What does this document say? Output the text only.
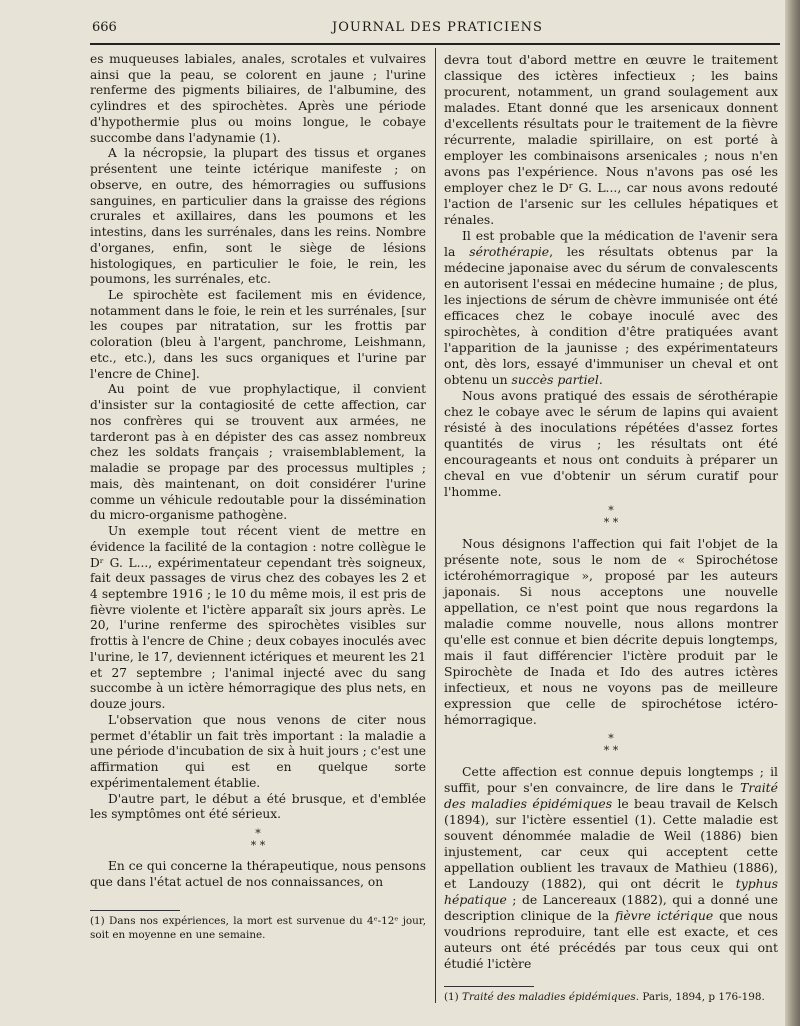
666	JOURNAL DES PRATICIENS

es muqueuses labiales, anales, scrotales et vulvaires ainsi que la peau, se colorent en jaune ; l'urine renferme des pigments biliaires, de l'albumine, des cylindres et des spirochètes. Après une période d'hypothermie plus ou moins longue, le cobaye succombe dans l'adynamie (1).

A la nécropsie, la plupart des tissus et organes présentent une teinte ictérique manifeste ; on observe, en outre, des hémorragies ou suffusions sanguines, en particulier dans la graisse des régions crurales et axillaires, dans les poumons et les intestins, dans les surrénales, dans les reins. Nombre d'organes, enfin, sont le siège de lésions histologiques, en particulier le foie, le rein, les poumons, les surrénales, etc.

Le spirochète est facilement mis en évidence, notamment dans le foie, le rein et les surrénales, [sur les coupes par nitratation, sur les frottis par coloration (bleu à l'argent, panchrome, Leishmann, etc., etc.), dans les sucs organiques et l'urine par l'encre de Chine].

Au point de vue prophylactique, il convient d'insister sur la contagiosité de cette affection, car nos confrères qui se trouvent aux armées, ne tarderont pas à en dépister des cas assez nombreux chez les soldats français ; vraisemblablement, la maladie se propage par des processus multiples ; mais, dès maintenant, on doit considérer l'urine comme un véhicule redoutable pour la dissémination du micro-organisme pathogène.

Un exemple tout récent vient de mettre en évidence la facilité de la contagion : notre collègue le Dʳ G. L..., expérimentateur cependant très soigneux, fait deux passages de virus chez des cobayes les 2 et 4 septembre 1916 ; le 10 du même mois, il est pris de fièvre violente et l'ictère apparaît six jours après. Le 20, l'urine renferme des spirochètes visibles sur frottis à l'encre de Chine ; deux cobayes inoculés avec l'urine, le 17, deviennent ictériques et meurent les 21 et 27 septembre ; l'animal injecté avec du sang succombe à un ictère hémorragique des plus nets, en douze jours.

L'observation que nous venons de citer nous permet d'établir un fait très important : la maladie a une période d'incubation de six à huit jours ; c'est une affirmation qui est en quelque sorte expérimentalement établie.

D'autre part, le début a été brusque, et d'emblée les symptômes ont été sérieux.

*
* *

En ce qui concerne la thérapeutique, nous pensons que dans l'état actuel de nos connaissances, on

devra tout d'abord mettre en œuvre le traitement classique des ictères infectieux ; les bains procurent, notamment, un grand soulagement aux malades. Etant donné que les arsenicaux donnent d'excellents résultats pour le traitement de la fièvre récurrente, maladie spirillaire, on est porté à employer les combinaisons arsenicales ; nous n'en avons pas l'expérience. Nous n'avons pas osé les employer chez le Dʳ G. L..., car nous avons redouté l'action de l'arsenic sur les cellules hépatiques et rénales.

Il est probable que la médication de l'avenir sera la sérothérapie, les résultats obtenus par la médecine japonaise avec du sérum de convalescents en autorisent l'essai en médecine humaine ; de plus, les injections de sérum de chèvre immunisée ont été efficaces chez le cobaye inoculé avec des spirochètes, à condition d'être pratiquées avant l'apparition de la jaunisse ; des expérimentateurs ont, dès lors, essayé d'immuniser un cheval et ont obtenu un succès partiel.

Nous avons pratiqué des essais de sérothérapie chez le cobaye avec le sérum de lapins qui avaient résisté à des inoculations répétées d'assez fortes quantités de virus ; les résultats ont été encourageants et nous ont conduits à préparer un cheval en vue d'obtenir un sérum curatif pour l'homme.

*
* *

Nous désignons l'affection qui fait l'objet de la présente note, sous le nom de « Spirochétose ictérohémorragique », proposé par les auteurs japonais. Si nous acceptons une nouvelle appellation, ce n'est point que nous regardons la maladie comme nouvelle, nous allons montrer qu'elle est connue et bien décrite depuis longtemps, mais il faut différencier l'ictère produit par le Spirochète de Inada et Ido des autres ictères infectieux, et nous ne voyons pas de meilleure expression que celle de spirochétose ictéro-hémorragique.

*
* *

Cette affection est connue depuis longtemps ; il suffit, pour s'en convaincre, de lire dans le Traité des maladies épidémiques le beau travail de Kelsch (1894), sur l'ictère essentiel (1). Cette maladie est souvent dénommée maladie de Weil (1886) bien injustement, car ceux qui acceptent cette appellation oublient les travaux de Mathieu (1886), et Landouzy (1882), qui ont décrit le typhus hépatique ; de Lancereaux (1882), qui a donné une description clinique de la fièvre ictérique que nous voudrions reproduire, tant elle est exacte, et ces auteurs ont été précédés par tous ceux qui ont étudié l'ictère

(1) Dans nos expériences, la mort est survenue du 4ᵉ-12ᵉ jour, soit en moyenne en une semaine.
(1) Traité des maladies épidémiques. Paris, 1894, p 176-198.
